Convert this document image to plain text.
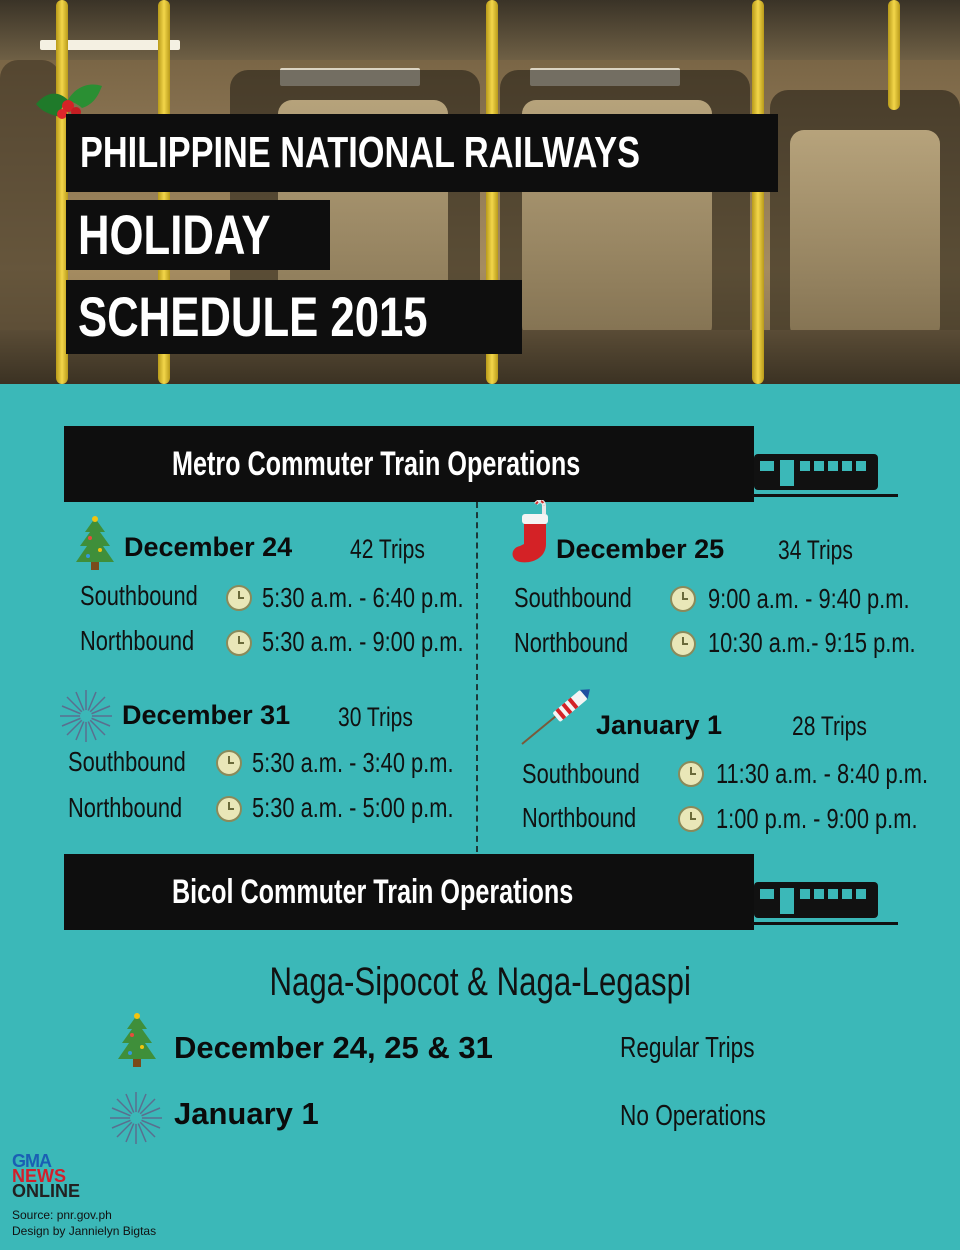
PHILIPPINE NATIONAL RAILWAYS
HOLIDAY
SCHEDULE 2015
Metro Commuter Train Operations
December 24 42 Trips
Southbound	5:30 a.m. - 6:40 p.m.
Northbound	5:30 a.m. - 9:00 p.m.
December 25 34 Trips
Southbound	9:00 a.m. - 9:40 p.m.
Northbound	10:30 a.m.- 9:15 p.m.
December 31 30 Trips
Southbound	5:30 a.m. - 3:40 p.m.
Northbound	5:30 a.m. - 5:00 p.m.
January 1	28 Trips
Southbound	11:30 a.m. - 8:40 p.m.
Northbound	1:00 p.m. - 9:00 p.m.
Bicol Commuter Train Operations
Naga-Sipocot & Naga-Legaspi
December 24, 25 & 31	Regular Trips
January 1	No Operations
GMA
NEWS
ONLINE
Source: pnr.gov.ph
Design by Jannielyn Bigtas
